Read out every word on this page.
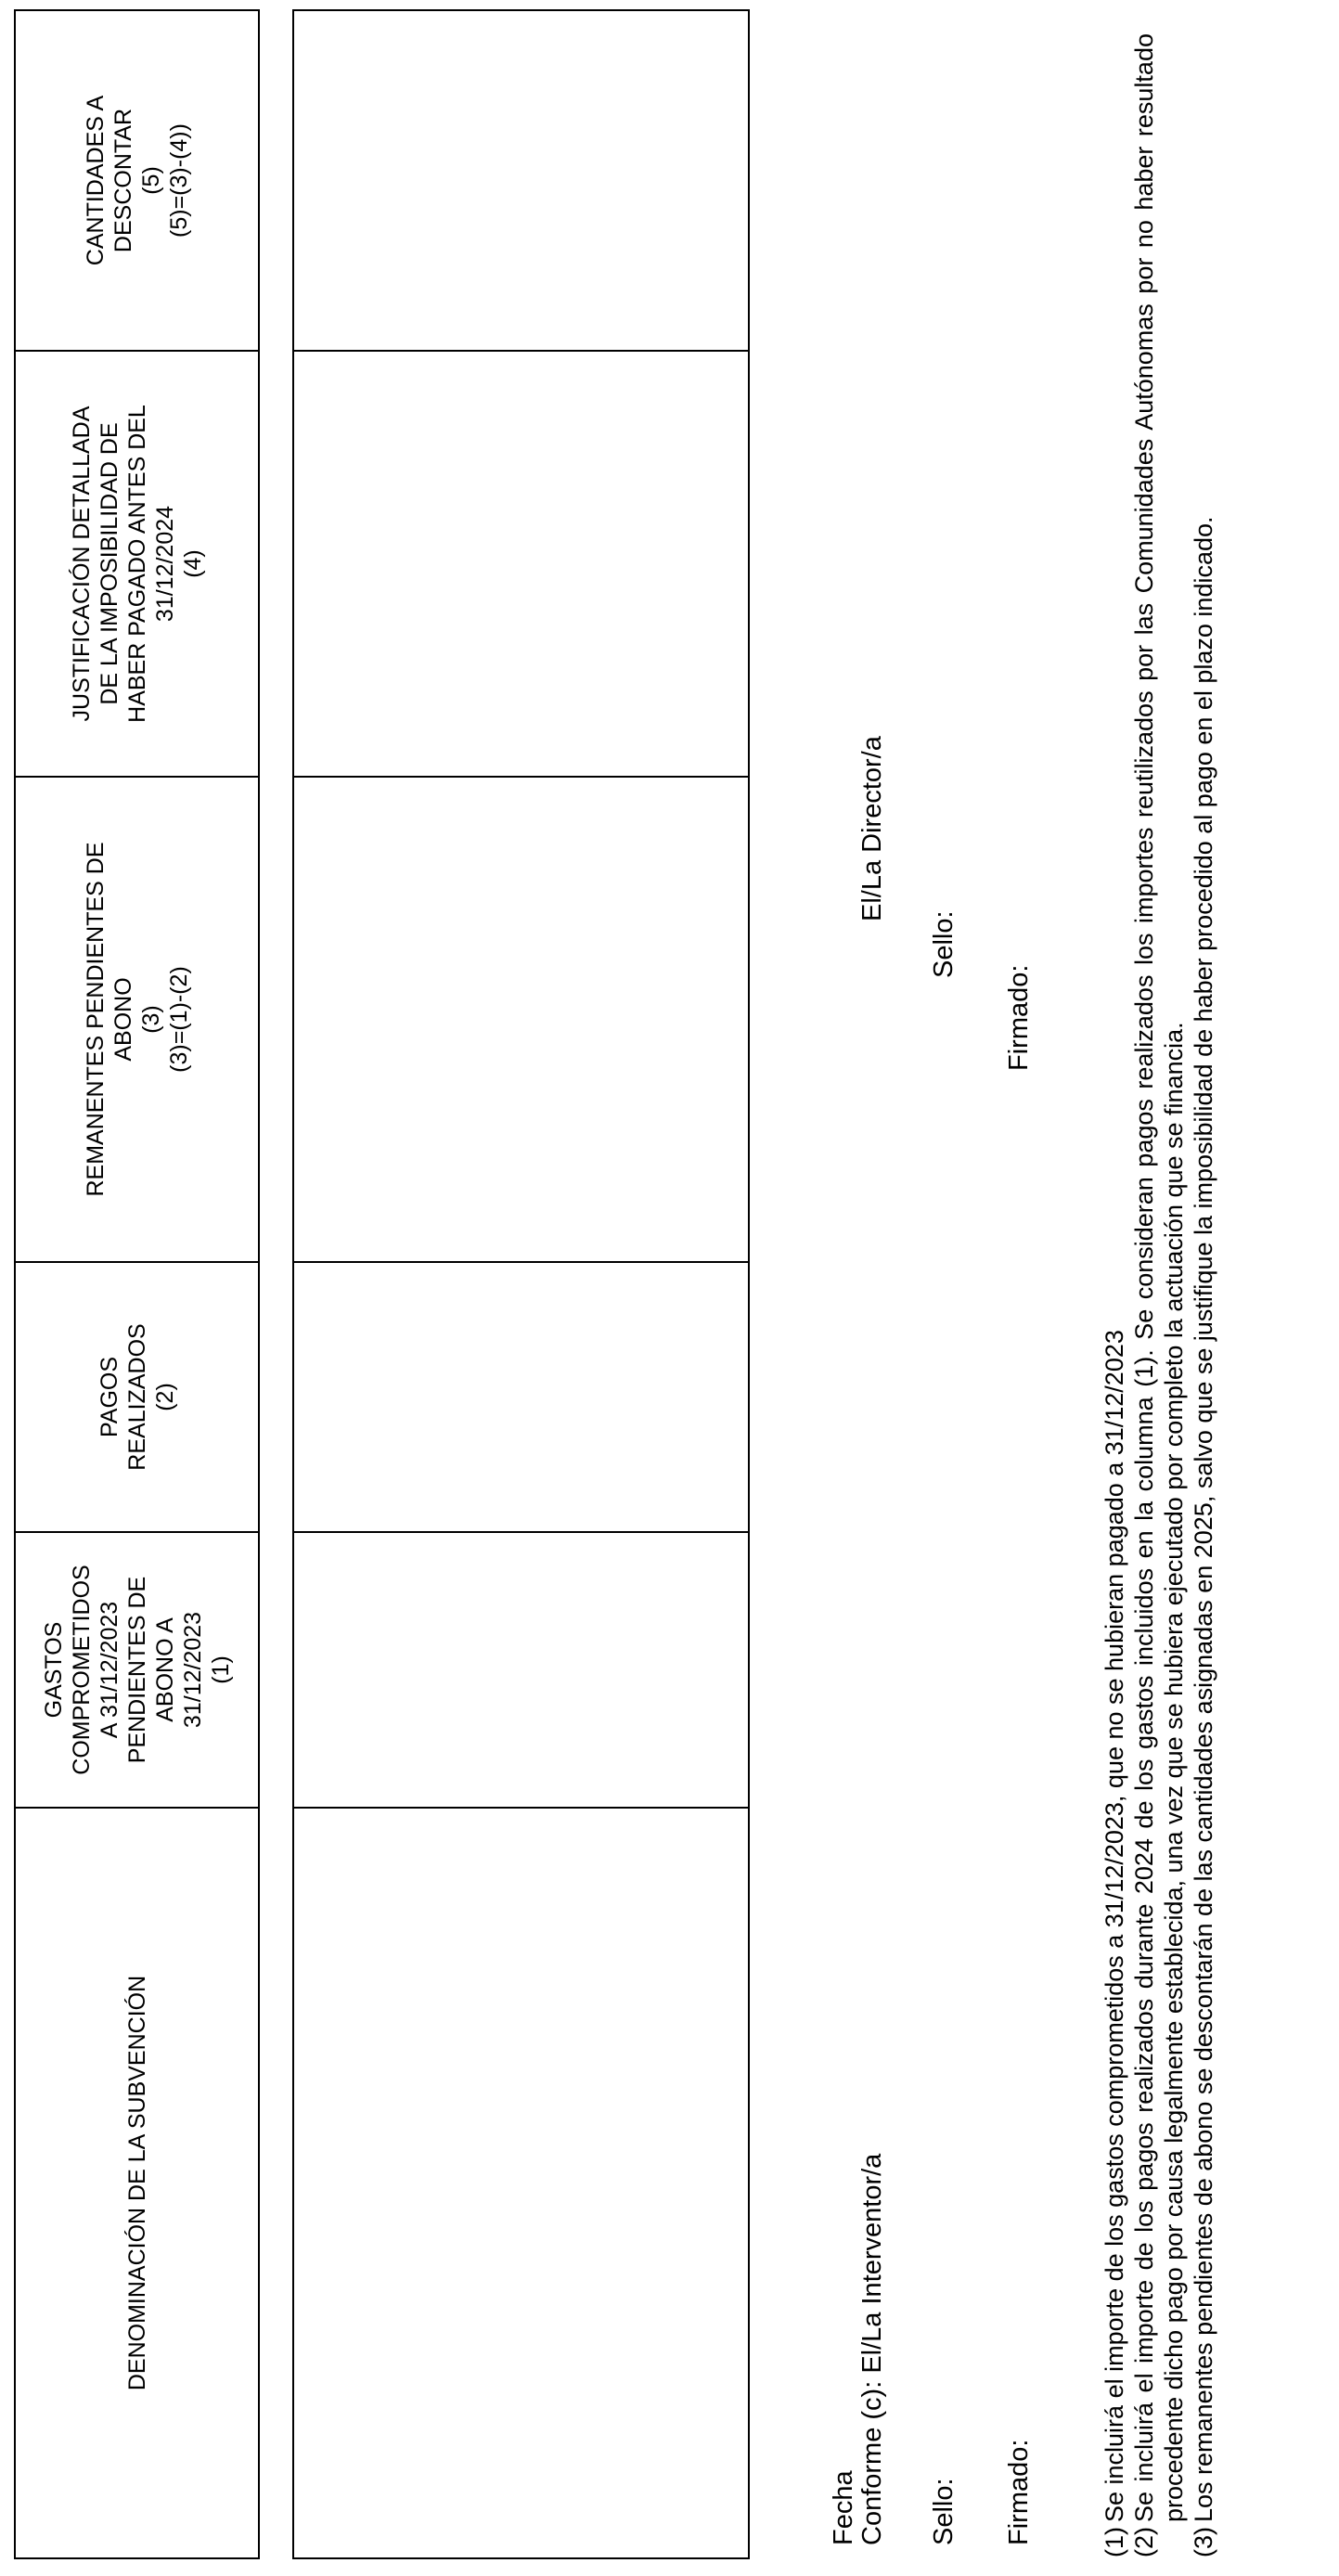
DENOMINACIÓN DE LA SUBVENCIÓN
GASTOS
COMPROMETIDOS
A 31/12/2023
PENDIENTES DE
ABONO A
31/12/2023
(1)
PAGOS
REALIZADOS
(2)
REMANENTES PENDIENTES DE
ABONO
(3)
(3)=(1)-(2)
JUSTIFICACIÓN DETALLADA
DE LA IMPOSIBILIDAD DE
HABER PAGADO ANTES DEL
31/12/2024
(4)
CANTIDADES A
DESCONTAR
(5)
(5)=(3)-(4))
Fecha Conforme (c): El/La Interventor/a Sello: Firmado:
El/La Director/a
Sello:
Firmado:
(1)
Se incluirá el importe de los gastos comprometidos a 31/12/2023, que no se hubieran pagado a 31/12/2023
(2)
Se incluirá el importe de los pagos realizados durante 2024 de los gastos incluidos en la columna (1). Se consideran pagos realizados los importes reutilizados por las Comunidades Autónomas por no haber resultado procedente dicho pago por causa legalmente establecida, una vez que se hubiera ejecutado por completo la actuación que se financia.
(3)
Los remanentes pendientes de abono se descontarán de las cantidades asignadas en 2025, salvo que se justifique la imposibilidad de haber procedido al pago en el plazo indicado.
